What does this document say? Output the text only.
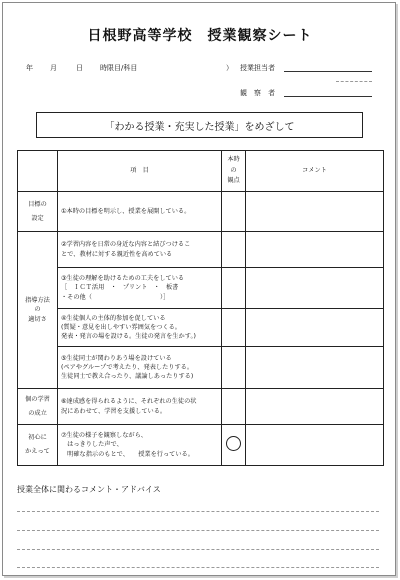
日根野高等学校　授業観察シート
年 月	日 時限目/科目	） 授業担当者
観　察　者
「わかる授業・充実した授業」をめざして
	項　目	本時
の
観点	コメント

目標の
設定	①本時の目標を明示し、授業を展開している。		

指導方法
の
適切さ	②学習内容を日常の身近な内容と結びつけるこ
とで、教材に対する親近性を高めている		

	③生徒の理解を助けるための工夫をしている
［　ＩＣＴ活用　・　プリント　・　板書
・その他（　　　　　　　　　　　）］		

	④生徒個人の主体的参加を促している
(質疑・意見を出しやすい雰囲気をつくる。
発表・発言の場を設ける。生徒の発言を生かす。)		

	⑤生徒同士が関わりあう場を設けている
(ペアやグループで考えたり、発表したりする。
生徒同士で教え合ったり、議論しあったりする)		

個の学習
の成立	⑥達成感を得られるように、それぞれの生徒の状
況にあわせて、学習を支援している。		

初心に
かえって	⑦生徒の様子を観察しながら、
　はっきりした声で、
　明確な指示のもとで、　　授業を行っている。		

授業全体に関わるコメント・アドバイス
